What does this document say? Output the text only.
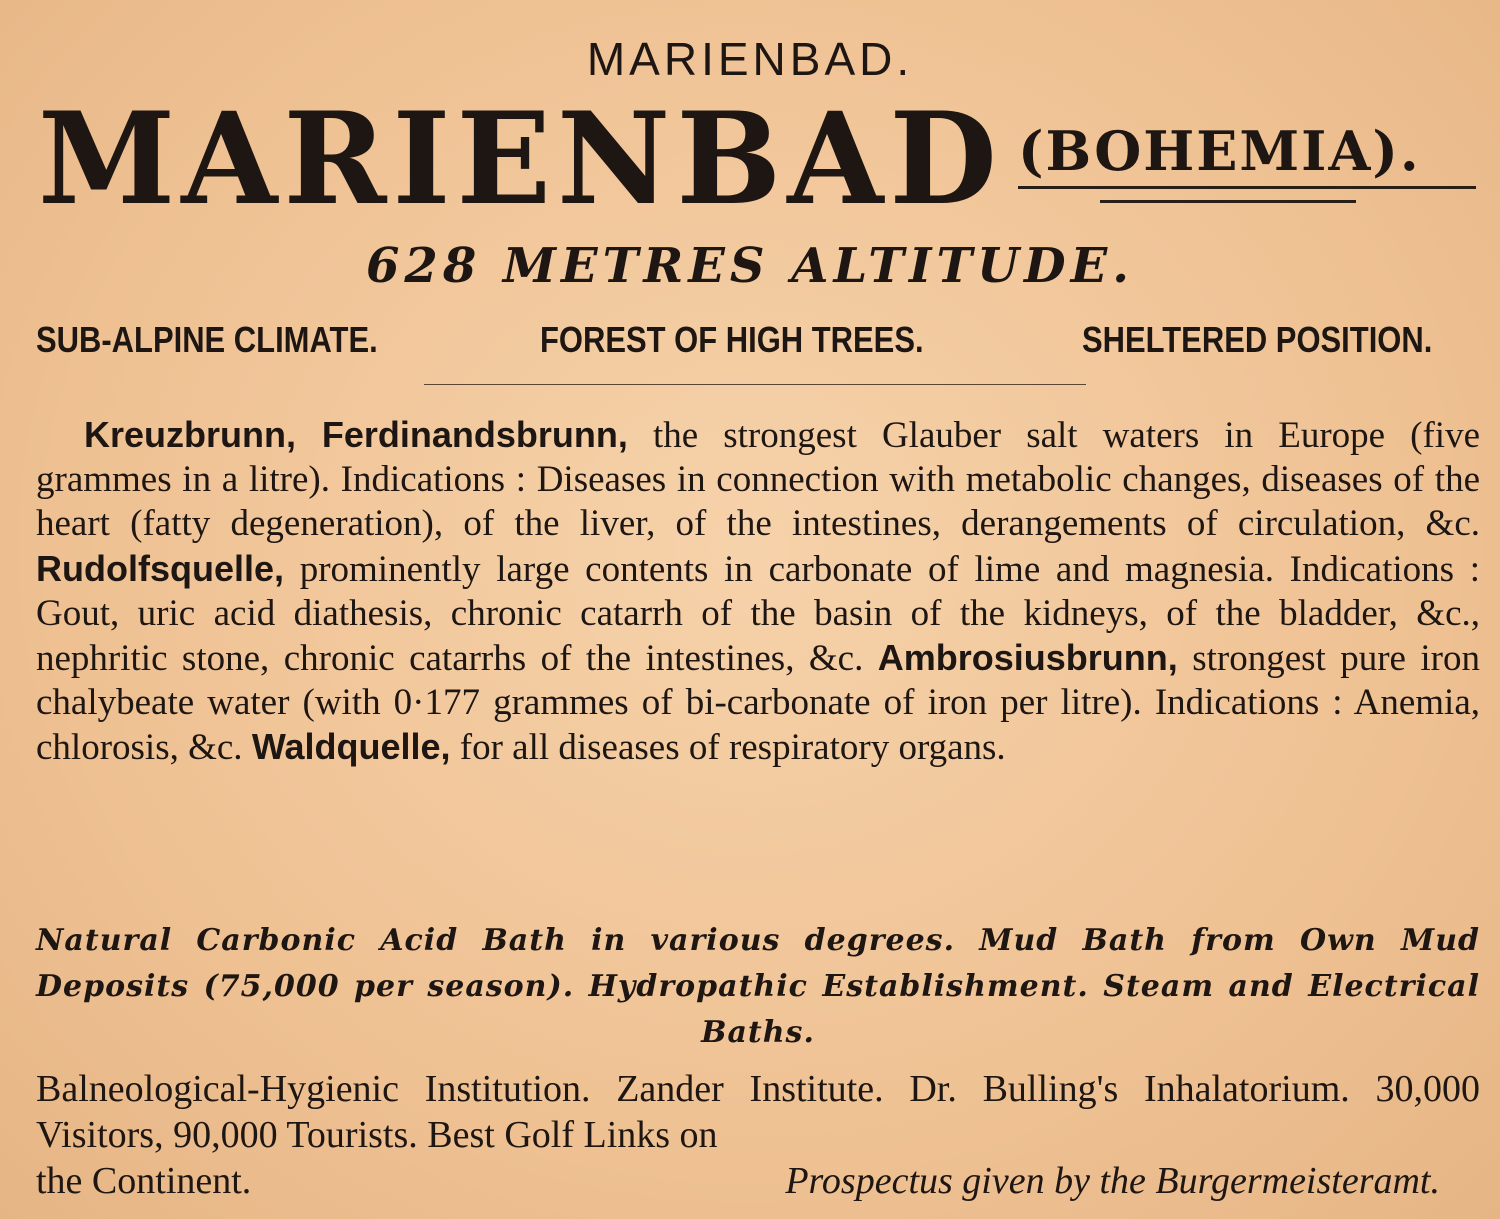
MARIENBAD.
MARIENBAD (BOHEMIA).
628 METRES ALTITUDE.
SUB-ALPINE CLIMATE.	FOREST OF HIGH TREES.	SHELTERED POSITION.
Kreuzbrunn, Ferdinandsbrunn, the strongest Glauber salt waters in Europe (five grammes in a litre). Indications : Diseases in connection with metabolic changes, diseases of the heart (fatty degeneration), of the liver, of the intestines, derangements of circulation, &c. Rudolfsquelle, prominently large contents in carbonate of lime and magnesia. Indications : Gout, uric acid diathesis, chronic catarrh of the basin of the kidneys, of the bladder, &c., nephritic stone, chronic catarrhs of the intestines, &c. Ambrosiusbrunn, strongest pure iron chalybeate water (with 0·177 grammes of bi-carbonate of iron per litre). Indications : Anemia, chlorosis, &c. Waldquelle, for all diseases of respiratory organs.
Natural Carbonic Acid Bath in various degrees. Mud Bath from Own Mud Deposits (75,000 per season). Hydropathic Establishment. Steam and Electrical Baths.
Balneological-Hygienic Institution. Zander Institute. Dr. Bulling's Inhalatorium. 30,000 Visitors, 90,000 Tourists. Best Golf Links on
the Continent.	Prospectus given by the Burgermeisteramt.
